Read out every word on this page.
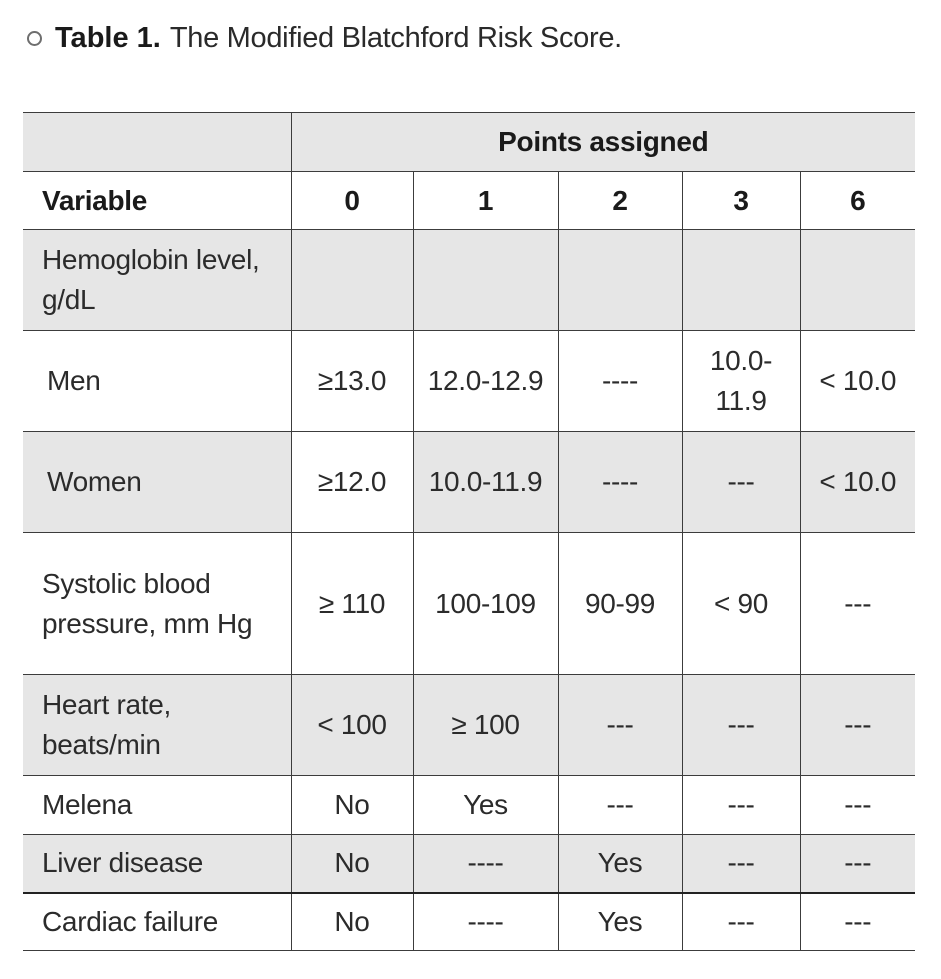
Table 1. The Modified Blatchford Risk Score.
	Points assigned				
Variable	0	1	2	3	6
Hemoglobin level, g/dL					
Men	≥13.0	12.0-12.9	----	10.0-11.9	< 10.0
Women	≥12.0	10.0-11.9	----	---	< 10.0
Systolic blood pressure, mm Hg	≥ 110	100-109	90-99	< 90	---
Heart rate, beats/min	< 100	≥ 100	---	---	---
Melena	No	Yes	---	---	---
Liver disease	No	----	Yes	---	---
Cardiac failure	No	----	Yes	---	---
